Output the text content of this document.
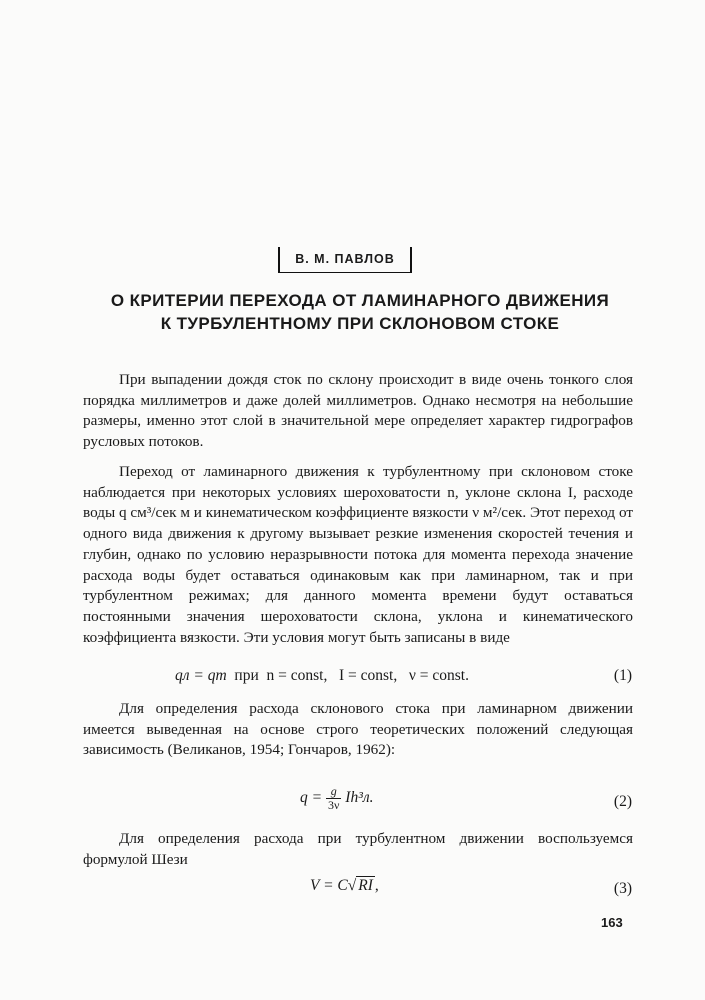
В. М. ПАВЛОВ
О КРИТЕРИИ ПЕРЕХОДА ОТ ЛАМИНАРНОГО ДВИЖЕНИЯ
К ТУРБУЛЕНТНОМУ ПРИ СКЛОНОВОМ СТОКЕ

При выпадении дождя сток по склону происходит в виде очень тонкого слоя порядка миллиметров и даже долей миллиметров. Однако несмотря на небольшие размеры, именно этот слой в значительной мере определяет характер гидрографов русловых потоков.

Переход от ламинарного движения к турбулентному при склоновом стоке наблюдается при некоторых условиях шероховатости n, уклоне склона I, расходе воды q см³/сек м и кинематическом коэффициенте вязкости ν м²/сек. Этот переход от одного вида движения к другому вызывает резкие изменения скоростей течения и глубин, однако по условию неразрывности потока для момента перехода значение расхода воды будет оставаться одинаковым как при ламинарном, так и при турбулентном режимах; для данного момента времени будут оставаться постоянными значения шероховатости склона, уклона и кинематического коэффициента вязкости. Эти условия могут быть записаны в виде

qл = qт при n = const, I = const, ν = const.	(1)

Для определения расхода склонового стока при ламинарном движении имеется выведенная на основе строго теоретических положений следующая зависимость (Великанов, 1954; Гончаров, 1962):

$q = \frac{g}{3\nu} Ih^3л$.	(2)

Для определения расхода при турбулентном движении воспользуемся формулой Шези

V = C√ RI ,	(3)
163
